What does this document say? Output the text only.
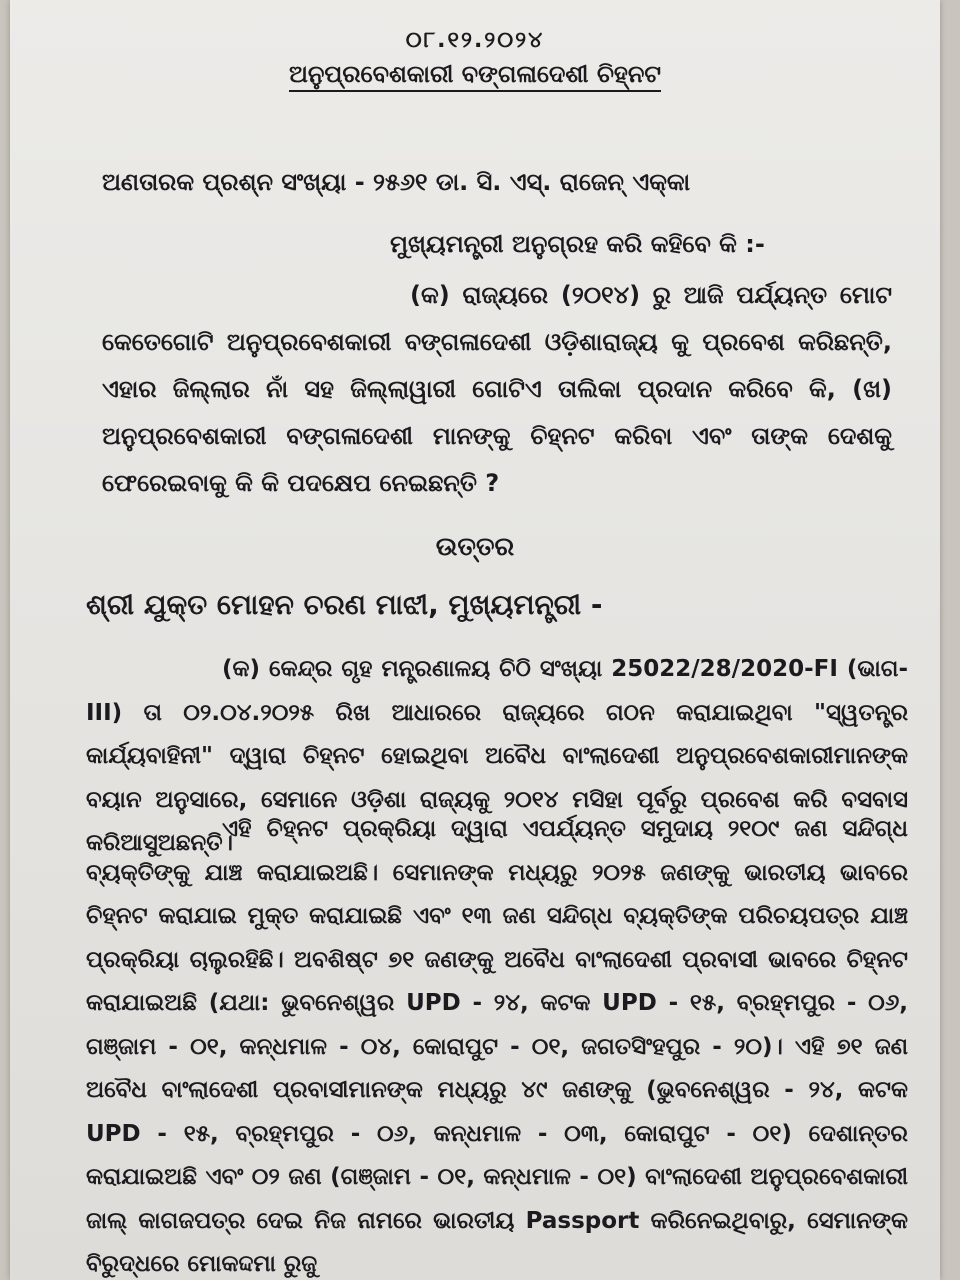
୦୮.୧୨.୨୦୨୪
ଅନୁପ୍ରବେଶକାରୀ ବଙ୍ଗଳାଦେଶୀ ଚିହ୍ନଟ
ଅଣତାରକ ପ୍ରଶ୍ନ ସଂଖ୍ୟା - ୨୫୬୧ ଡା. ସି. ଏସ୍. ରାଜେନ୍ ଏକ୍କା
ମୁଖ୍ୟମନ୍ତ୍ରୀ ଅନୁଗ୍ରହ କରି କହିବେ କି :-
(କ) ରାଜ୍ୟରେ (୨୦୧୪) ରୁ ଆଜି ପର୍ଯ୍ୟନ୍ତ ମୋଟ କେତେଗୋଟି ଅନୁପ୍ରବେଶକାରୀ ବଙ୍ଗଳାଦେଶୀ ଓଡ଼ିଶାରାଜ୍ୟ କୁ ପ୍ରବେଶ କରିଛନ୍ତି, ଏହାର ଜିଲ୍ଲାର ନାଁ ସହ ଜିଲ୍ଲାୱାରୀ ଗୋଟିଏ ତାଲିକା ପ୍ରଦାନ କରିବେ କି, (ଖ) ଅନୁପ୍ରବେଶକାରୀ ବଙ୍ଗଳାଦେଶୀ ମାନଙ୍କୁ ଚିହ୍ନଟ କରିବା ଏବଂ ତାଙ୍କ ଦେଶକୁ ଫେରେଇବାକୁ କି କି ପଦକ୍ଷେପ ନେଇଛନ୍ତି ?
ଉତ୍ତର
ଶ୍ରୀ ଯୁକ୍ତ ମୋହନ ଚରଣ ମାଝୀ, ମୁଖ୍ୟମନ୍ତ୍ରୀ -
(କ) କେନ୍ଦ୍ର ଗୃହ ମନ୍ତ୍ରଣାଳୟ ଚିଠି ସଂଖ୍ୟା 25022/28/2020-FI (ଭାଗ-III) ତା ୦୨.୦୪.୨୦୨୫ ରିଖ ଆଧାରରେ ରାଜ୍ୟରେ ଗଠନ କରାଯାଇଥିବା "ସ୍ୱତନ୍ତ୍ର କାର୍ଯ୍ୟବାହିନୀ" ଦ୍ୱାରା ଚିହ୍ନଟ ହୋଇଥିବା ଅବୈଧ ବାଂଲାଦେଶୀ ଅନୁପ୍ରବେଶକାରୀମାନଙ୍କ ବୟାନ ଅନୁସାରେ, ସେମାନେ ଓଡ଼ିଶା ରାଜ୍ୟକୁ ୨୦୧୪ ମସିହା ପୂର୍ବରୁ ପ୍ରବେଶ କରି ବସବାସ କରିଆସୁଅଛନ୍ତି।
ଏହି ଚିହ୍ନଟ ପ୍ରକ୍ରିୟା ଦ୍ୱାରା ଏପର୍ଯ୍ୟନ୍ତ ସମୁଦାୟ ୨୧୦୯ ଜଣ ସନ୍ଦିଗ୍ଧ ବ୍ୟକ୍ତିଙ୍କୁ ଯାଞ୍ଚ କରାଯାଇଅଛି। ସେମାନଙ୍କ ମଧ୍ୟରୁ ୨୦୨୫ ଜଣଙ୍କୁ ଭାରତୀୟ ଭାବରେ ଚିହ୍ନଟ କରାଯାଇ ମୁକ୍ତ କରାଯାଇଛି ଏବଂ ୧୩ ଜଣ ସନ୍ଦିଗ୍ଧ ବ୍ୟକ୍ତିଙ୍କ ପରିଚୟପତ୍ର ଯାଞ୍ଚ ପ୍ରକ୍ରିୟା ଚାଲୁରହିଛି। ଅବଶିଷ୍ଟ ୭୧ ଜଣଙ୍କୁ ଅବୈଧ ବାଂଲାଦେଶୀ ପ୍ରବାସୀ ଭାବରେ ଚିହ୍ନଟ କରାଯାଇଅଛି (ଯଥା: ଭୁବନେଶ୍ୱର UPD - ୨୪, କଟକ UPD - ୧୫, ବ୍ରହ୍ମପୁର - ୦୬, ଗଞ୍ଜାମ - ୦୧, କନ୍ଧମାଳ - ୦୪, କୋରାପୁଟ - ୦୧, ଜଗତସିଂହପୁର - ୨୦)। ଏହି ୭୧ ଜଣ ଅବୈଧ ବାଂଲାଦେଶୀ ପ୍ରବାସୀମାନଙ୍କ ମଧ୍ୟରୁ ୪୯ ଜଣଙ୍କୁ (ଭୁବନେଶ୍ୱର - ୨୪, କଟକ UPD - ୧୫, ବ୍ରହ୍ମପୁର - ୦୬, କନ୍ଧମାଳ - ୦୩, କୋରାପୁଟ - ୦୧) ଦେଶାନ୍ତର କରାଯାଇଅଛି ଏବଂ ୦୨ ଜଣ (ଗଞ୍ଜାମ - ୦୧, କନ୍ଧମାଳ - ୦୧) ବାଂଲାଦେଶୀ ଅନୁପ୍ରବେଶକାରୀ ଜାଲ୍ କାଗଜପତ୍ର ଦେଇ ନିଜ ନାମରେ ଭାରତୀୟ Passport କରିନେଇଥିବାରୁ, ସେମାନଙ୍କ ବିରୁଦ୍ଧରେ ମୋକଦ୍ଦମା ରୁଜୁ
